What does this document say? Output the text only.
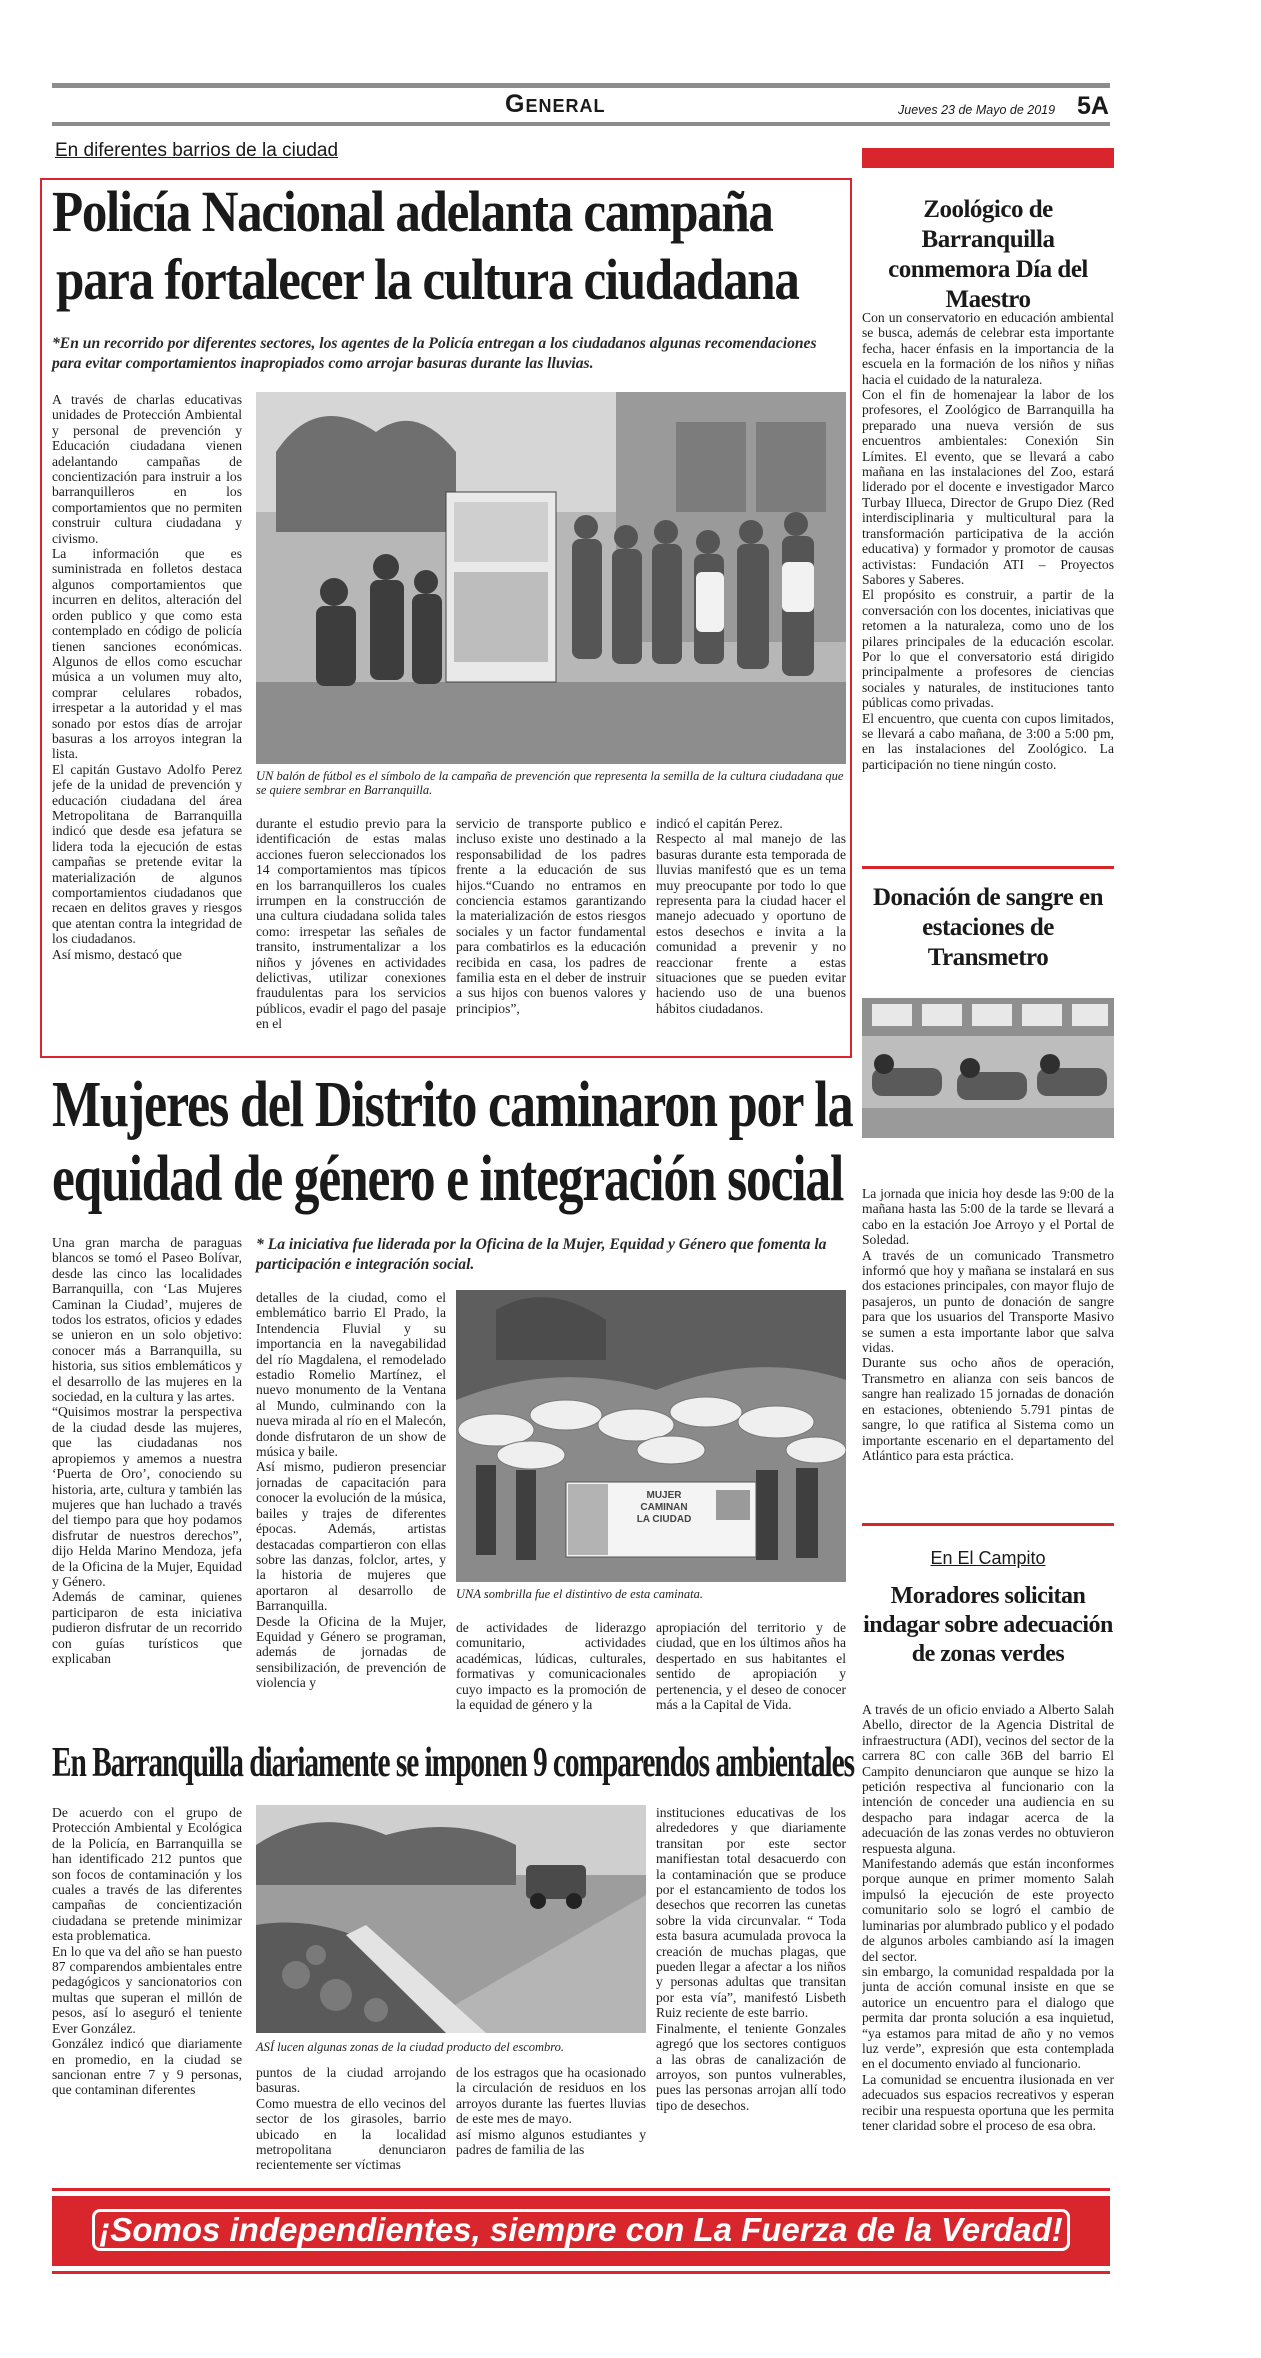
General	Jueves 23 de Mayo de 2019 5A
En diferentes barrios de la ciudad
Policía Nacional adelanta campaña
para fortalecer la cultura ciudadana
*En un recorrido por diferentes sectores, los agentes de la Policía entregan a los ciudadanos algunas recomendaciones para evitar comportamientos inapropiados como arrojar basuras durante las lluvias.
A través de charlas educativas unidades de Protección Ambiental y personal de prevención y Educación ciudadana vienen adelantando campañas de concientización para instruir a los barranquilleros en los comportamientos que no permiten construir cultura ciudadana y civismo.
La información que es suministrada en folletos destaca algunos comportamientos que incurren en delitos, alteración del orden publico y que como esta contemplado en código de policía tienen sanciones económicas. Algunos de ellos como escuchar música a un volumen muy alto, comprar celulares robados, irrespetar a la autoridad y el mas sonado por estos días de arrojar basuras a los arroyos integran la lista.
El capitán Gustavo Adolfo Perez jefe de la unidad de prevención y educación ciudadana del área Metropolitana de Barranquilla indicó que desde esa jefatura se lidera toda la ejecución de estas campañas se pretende evitar la materialización de algunos comportamientos ciudadanos que recaen en delitos graves y riesgos que atentan contra la integridad de los ciudadanos.
Así mismo, destacó que
UN balón de fútbol es el símbolo de la campaña de prevención que representa la semilla de la cultura ciudadana que se quiere sembrar en Barranquilla.
durante el estudio previo para la identificación de estas malas acciones fueron seleccionados los 14 comportamientos mas típicos en los barranquilleros los cuales irrumpen en la construcción de una cultura ciudadana solida tales como: irrespetar las señales de transito, instrumentalizar a los niños y jóvenes en actividades delictivas, utilizar conexiones fraudulentas para los servicios públicos, evadir el pago del pasaje en el
servicio de transporte publico e incluso existe uno destinado a la responsabilidad de los padres frente a la educación de sus hijos.“Cuando no entramos en conciencia estamos garantizando la materialización de estos riesgos sociales y un factor fundamental para combatirlos es la educación recibida en casa, los padres de familia esta en el deber de instruir a sus hijos con buenos valores y principios”,
indicó el capitán Perez.
Respecto al mal manejo de las basuras durante esta temporada de lluvias manifestó que es un tema muy preocupante por todo lo que representa para la ciudad hacer el manejo adecuado y oportuno de estos desechos e invita a la comunidad a prevenir y no reaccionar frente a estas situaciones que se pueden evitar haciendo uso de una buenos hábitos ciudadanos.
Mujeres del Distrito caminaron por la
equidad de género e integración social
Una gran marcha de paraguas blancos se tomó el Paseo Bolívar, desde las cinco las localidades Barranquilla, con ‘Las Mujeres Caminan la Ciudad’, mujeres de todos los estratos, oficios y edades se unieron en un solo objetivo: conocer más a Barranquilla, su historia, sus sitios emblemáticos y el desarrollo de las mujeres en la sociedad, en la cultura y las artes.
“Quisimos mostrar la perspectiva de la ciudad desde las mujeres, que las ciudadanas nos apropiemos y amemos a nuestra ‘Puerta de Oro’, conociendo su historia, arte, cultura y también las mujeres que han luchado a través del tiempo para que hoy podamos disfrutar de nuestros derechos”, dijo Helda Marino Mendoza, jefa de la Oficina de la Mujer, Equidad y Género.
Además de caminar, quienes participaron de esta iniciativa pudieron disfrutar de un recorrido con guías turísticos que explicaban
* La iniciativa fue liderada por la Oficina de la Mujer, Equidad y Género que fomenta la participación e integración social.
detalles de la ciudad, como el emblemático barrio El Prado, la Intendencia Fluvial y su importancia en la navegabilidad del río Magdalena, el remodelado estadio Romelio Martínez, el nuevo monumento de la Ventana al Mundo, culminando con la nueva mirada al río en el Malecón, donde disfrutaron de un show de música y baile.
Así mismo, pudieron presenciar jornadas de capacitación para conocer la evolución de la música, bailes y trajes de diferentes épocas. Además, artistas destacadas compartieron con ellas sobre las danzas, folclor, artes, y la historia de mujeres que aportaron al desarrollo de Barranquilla.
Desde la Oficina de la Mujer, Equidad y Género se programan, además de jornadas de sensibilización, de prevención de violencia y
MUJER
CAMINAN
LA CIUDAD
UNA sombrilla fue el distintivo de esta caminata.
de actividades de liderazgo comunitario, actividades académicas, lúdicas, culturales, formativas y comunicacionales cuyo impacto es la promoción de la equidad de género y la
apropiación del territorio y de ciudad, que en los últimos años ha despertado en sus habitantes el sentido de apropiación y pertenencia, y el deseo de conocer más a la Capital de Vida.
En Barranquilla diariamente se imponen 9 comparendos ambientales
De acuerdo con el grupo de Protección Ambiental y Ecológica de la Policía, en Barranquilla se han identificado 212 puntos que son focos de contaminación y los cuales a través de las diferentes campañas de concientización ciudadana se pretende minimizar esta problematica.
En lo que va del año se han puesto 87 comparendos ambientales entre pedagógicos y sancionatorios con multas que superan el millón de pesos, así lo aseguró el teniente Ever González.
González indicó que diariamente en promedio, en la ciudad se sancionan entre 7 y 9 personas, que contaminan diferentes
ASÍ lucen algunas zonas de la ciudad producto del escombro.
puntos de la ciudad arrojando basuras.
Como muestra de ello vecinos del sector de los girasoles, barrio ubicado en la localidad metropolitana denunciaron recientemente ser víctimas
de los estragos que ha ocasionado la circulación de residuos en los arroyos durante las fuertes lluvias de este mes de mayo.
así mismo algunos estudiantes y padres de familia de las
instituciones educativas de los alrededores y que diariamente transitan por este sector manifiestan total desacuerdo con la contaminación que se produce por el estancamiento de todos los desechos que recorren las cunetas sobre la vida circunvalar. “ Toda esta basura acumulada provoca la creación de muchas plagas, que pueden llegar a afectar a los niños y personas adultas que transitan por esta vía”, manifestó Lisbeth Ruiz reciente de este barrio.
Finalmente, el teniente Gonzales agregó que los sectores contiguos a las obras de canalización de arroyos, son puntos vulnerables, pues las personas arrojan allí todo tipo de desechos.
Zoológico de Barranquilla conmemora Día del Maestro
Con un conservatorio en educación ambiental se busca, además de celebrar esta importante fecha, hacer énfasis en la importancia de la escuela en la formación de los niños y niñas hacia el cuidado de la naturaleza.
Con el fin de homenajear la labor de los profesores, el Zoológico de Barranquilla ha preparado una nueva versión de sus encuentros ambientales: Conexión Sin Límites. El evento, que se llevará a cabo mañana en las instalaciones del Zoo, estará liderado por el docente e investigador Marco Turbay Illueca, Director de Grupo Diez (Red interdisciplinaria y multicultural para la transformación participativa de la acción educativa) y formador y promotor de causas activistas: Fundación ATI – Proyectos Sabores y Saberes.
El propósito es construir, a partir de la conversación con los docentes, iniciativas que retomen a la naturaleza, como uno de los pilares principales de la educación escolar. Por lo que el conversatorio está dirigido principalmente a profesores de ciencias sociales y naturales, de instituciones tanto públicas como privadas.
El encuentro, que cuenta con cupos limitados, se llevará a cabo mañana, de 3:00 a 5:00 pm, en las instalaciones del Zoológico. La participación no tiene ningún costo.
Donación de sangre en estaciones de Transmetro
La jornada que inicia hoy desde las 9:00 de la mañana hasta las 5:00 de la tarde se llevará a cabo en la estación Joe Arroyo y el Portal de Soledad.
A través de un comunicado Transmetro informó que hoy y mañana se instalará en sus dos estaciones principales, con mayor flujo de pasajeros, un punto de donación de sangre para que los usuarios del Transporte Masivo se sumen a esta importante labor que salva vidas.
Durante sus ocho años de operación, Transmetro en alianza con seis bancos de sangre han realizado 15 jornadas de donación en estaciones, obteniendo 5.791 pintas de sangre, lo que ratifica al Sistema como un importante escenario en el departamento del Atlántico para esta práctica.
En El Campito
Moradores solicitan indagar sobre adecuación de zonas verdes
A través de un oficio enviado a Alberto Salah Abello, director de la Agencia Distrital de infraestructura (ADI), vecinos del sector de la carrera 8C con calle 36B del barrio El Campito denunciaron que aunque se hizo la petición respectiva al funcionario con la intención de conceder una audiencia en su despacho para indagar acerca de la adecuación de las zonas verdes no obtuvieron respuesta alguna.
Manifestando además que están inconformes porque aunque en primer momento Salah impulsó la ejecución de este proyecto comunitario solo se logró el cambio de luminarias por alumbrado publico y el podado de algunos arboles cambiando así la imagen del sector.
sin embargo, la comunidad respaldada por la junta de acción comunal insiste en que se autorice un encuentro para el dialogo que permita dar pronta solución a esa inquietud, “ya estamos para mitad de año y no vemos luz verde”, expresión que esta contemplada en el documento enviado al funcionario.
La comunidad se encuentra ilusionada en ver adecuados sus espacios recreativos y esperan recibir una respuesta oportuna que les permita tener claridad sobre el proceso de esa obra.
¡Somos independientes, siempre con La Fuerza de la Verdad!
